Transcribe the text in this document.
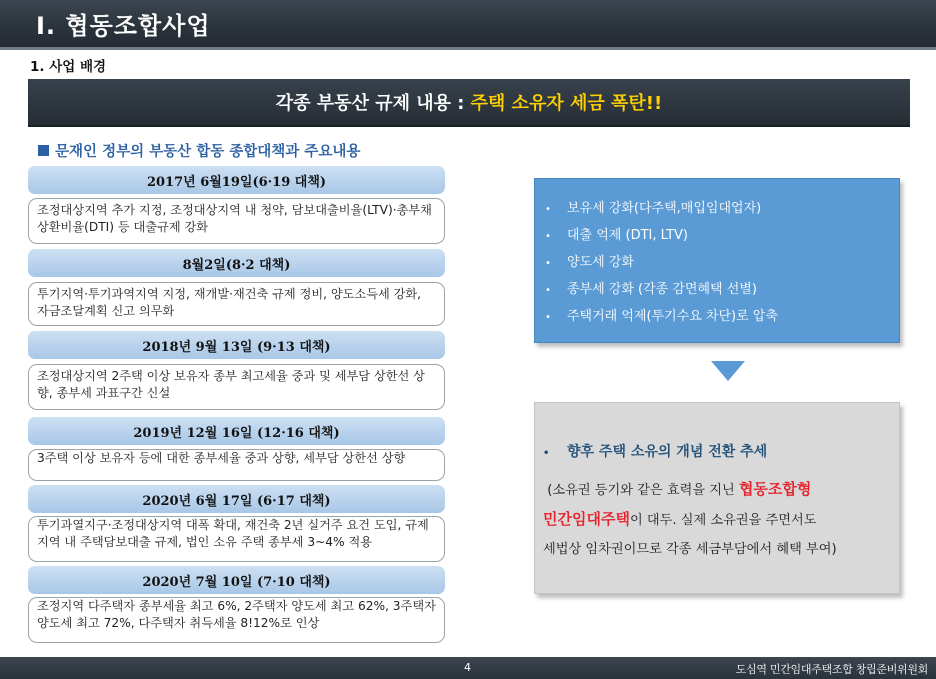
Ⅰ. 협동조합사업
1. 사업 배경
각종 부동산 규제 내용 : 주택 소유자 세금 폭탄!!
문재인 정부의 부동산 합동 종합대책과 주요내용
2017년 6월19일(6·19 대책)
조정대상지역 추가 지정, 조정대상지역 내 청약, 담보대출비율(LTV)·총부채상환비율(DTI) 등 대출규제 강화
8월2일(8·2 대책)
투기지역·투기과역지역 지정, 재개발·재건축 규제 정비, 양도소득세 강화, 자금조달계획 신고 의무화
2018년 9월 13일 (9·13 대책)
조정대상지역 2주택 이상 보유자 종부 최고세율 중과 및 세부담 상한선 상향, 종부세 과표구간 신설
2019년 12월 16일 (12·16 대책)
3주택 이상 보유자 등에 대한 종부세율 중과 상향, 세부담 상한선 상향
2020년 6월 17일 (6·17 대책)
투기과열지구·조정대상지역 대폭 확대, 재건축 2년 실거주 요건 도입, 규제지역 내 주택담보대출 규제, 법인 소유 주택 종부세 3~4% 적용
2020년 7월 10일 (7·10 대책)
조정지역 다주택자 종부세율 최고 6%, 2주택자 양도세 최고 62%, 3주택자 양도세 최고 72%, 다주택자 취득세율 8!12%로 인상
• 보유세 강화(다주택,매입임대업자)
• 대출 억제 (DTI, LTV)
• 양도세 강화
• 종부세 강화 (각종 감면혜택 선별)
• 주택거래 억제(투기수요 차단)로 압축
• 향후 주택 소유의 개념 전환 추세
(소유권 등기와 같은 효력을 지닌 협동조합형
민간임대주택이 대두. 실제 소유권을 주면서도
세법상 임차권이므로 각종 세금부담에서 혜택 부여)
4	도심역 민간임대주택조합 창립준비위원회
